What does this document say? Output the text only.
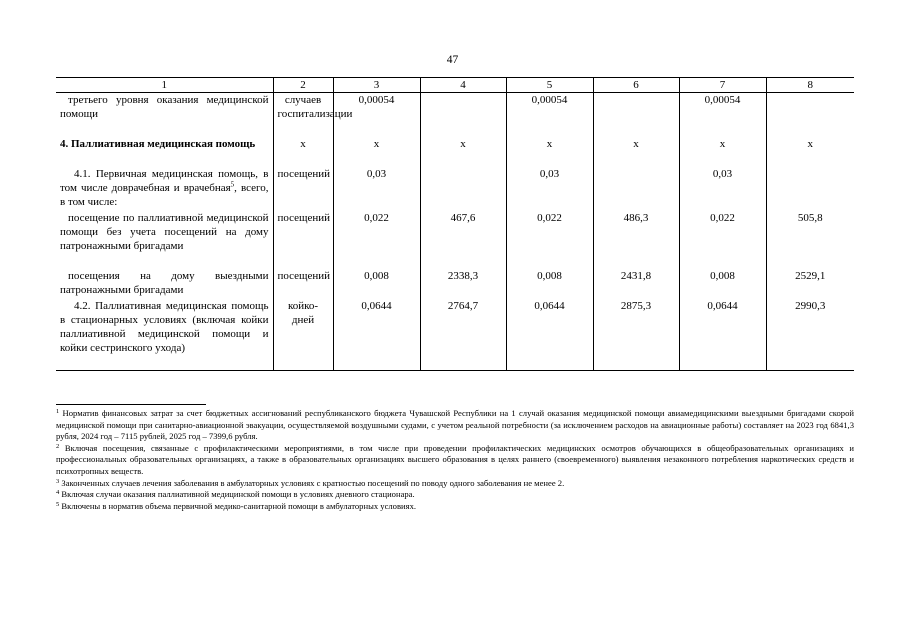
47
1	2	3	4	5	6	7	8
третьего уровня оказания медицинской помощи	случаев госпитализации	0,00054		0,00054		0,00054	
4. Паллиативная медицинская помощь	х	х	х	х	х	х	х
4.1. Первичная медицинская помощь, в том числе доврачебная и врачебная$^5$, всего, в том числе:	посещений	0,03		0,03		0,03	
посещение по паллиативной медицинской помощи без учета посещений на дому патронажными бригадами	посещений	0,022	467,6	0,022	486,3	0,022	505,8
посещения на дому выездными патронажными бригадами	посещений	0,008	2338,3	0,008	2431,8	0,008	2529,1
4.2. Паллиативная медицинская помощь в стационарных условиях (включая койки паллиативной медицинской помощи и койки сестринского ухода)	койко-дней	0,0644	2764,7	0,0644	2875,3	0,0644	2990,3

$^1$ Норматив финансовых затрат за счет бюджетных ассигнований республиканского бюджета Чувашской Республики на 1 случай оказания медицинской помощи авиамедицинскими выездными бригадами скорой медицинской помощи при санитарно-авиационной эвакуации, осуществляемой воздушными судами, с учетом реальной потребности (за исключением расходов на авиационные работы) составляет на 2023 год 6841,3 рубля, 2024 год – 7115 рублей, 2025 год – 7399,6 рубля.

$^2$ Включая посещения, связанные с профилактическими мероприятиями, в том числе при проведении профилактических медицинских осмотров обучающихся в общеобразовательных организациях и профессиональных образовательных организациях, а также в образовательных организациях высшего образования в целях раннего (своевременного) выявления незаконного потребления наркотических средств и психотропных веществ.

$^3$ Законченных случаев лечения заболевания в амбулаторных условиях с кратностью посещений по поводу одного заболевания не менее 2.

$^4$ Включая случаи оказания паллиативной медицинской помощи в условиях дневного стационара.

$^5$ Включены в норматив объема первичной медико-санитарной помощи в амбулаторных условиях.
